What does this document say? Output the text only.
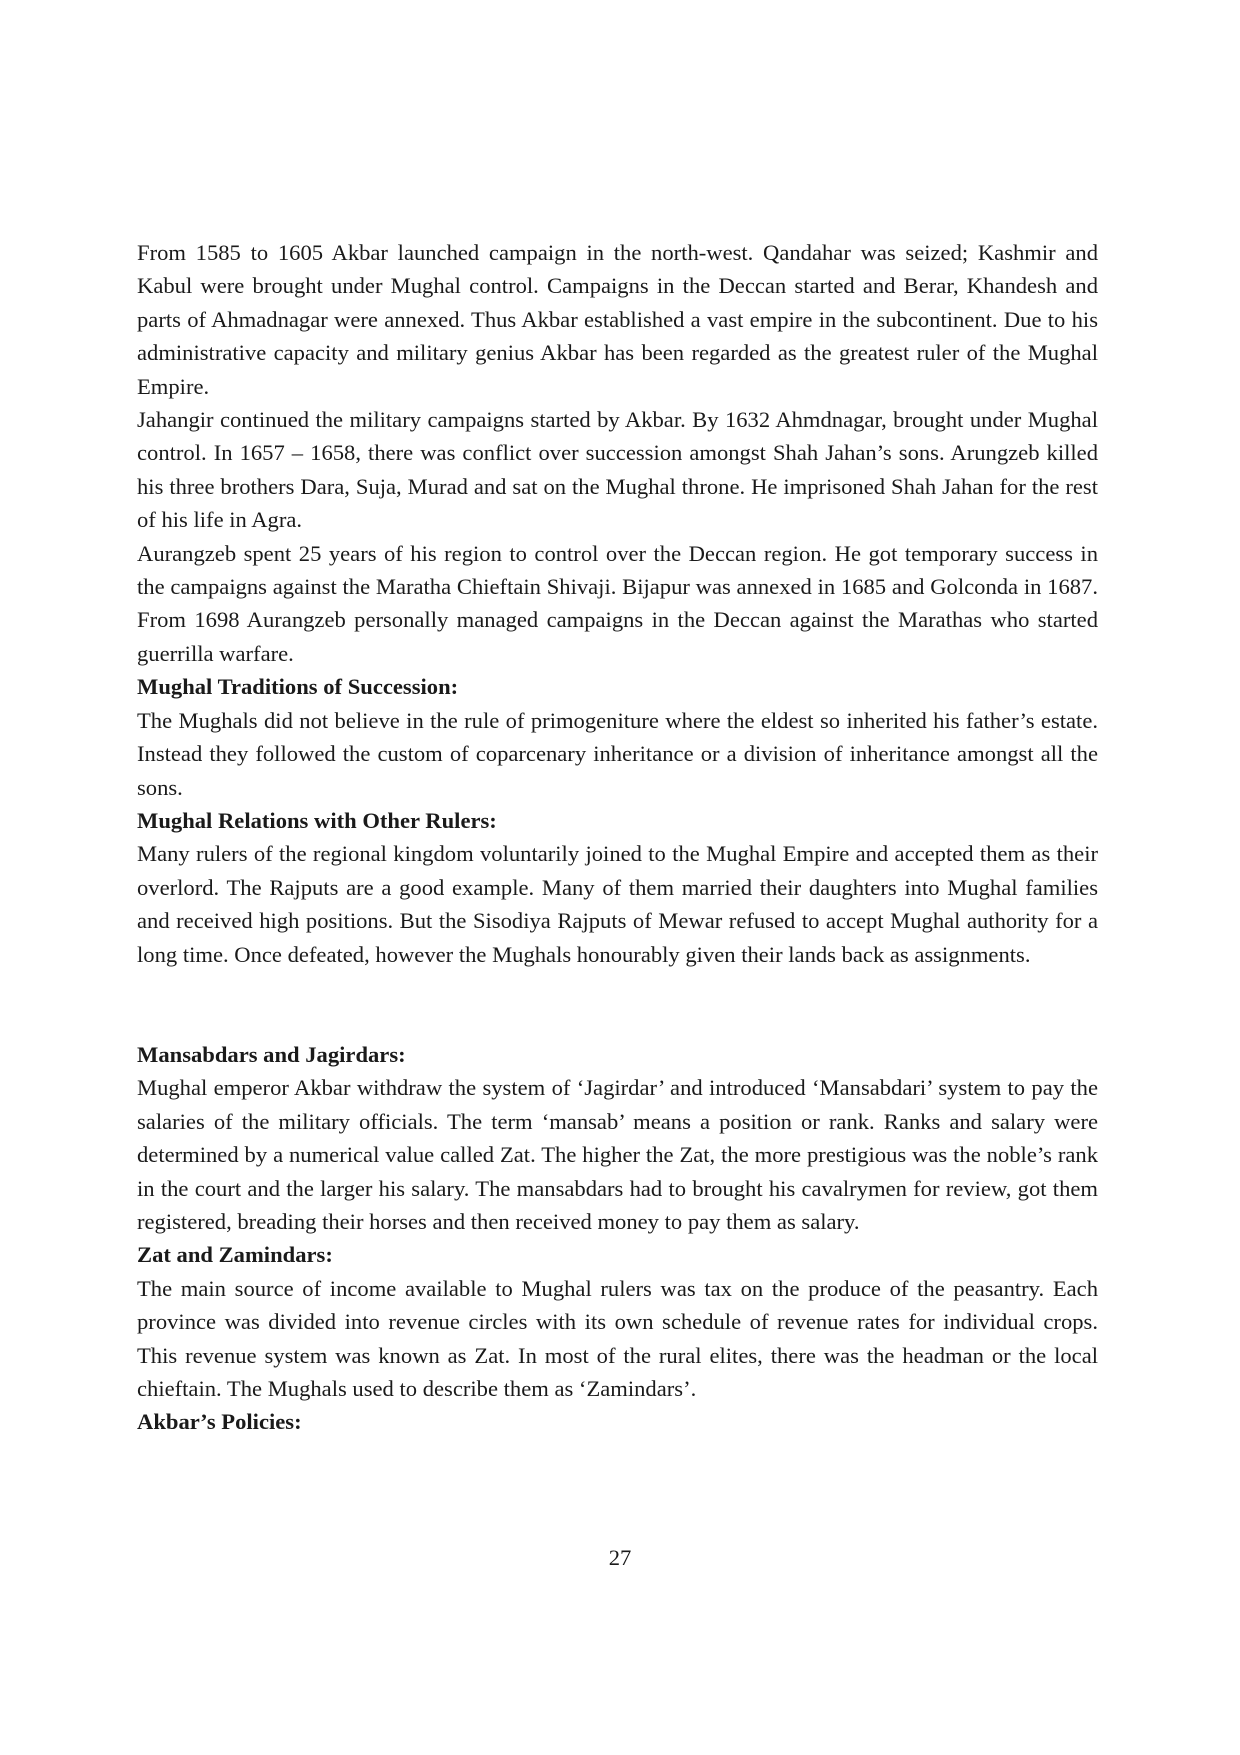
From 1585 to 1605 Akbar launched campaign in the north-west. Qandahar was seized; Kashmir and Kabul were brought under Mughal control. Campaigns in the Deccan started and Berar, Khandesh and parts of Ahmadnagar were annexed. Thus Akbar established a vast empire in the subcontinent. Due to his administrative capacity and military genius Akbar has been regarded as the greatest ruler of the Mughal Empire.

Jahangir continued the military campaigns started by Akbar. By 1632 Ahmdnagar, brought under Mughal control. In 1657 – 1658, there was conflict over succession amongst Shah Jahan’s sons. Arungzeb killed his three brothers Dara, Suja, Murad and sat on the Mughal throne. He imprisoned Shah Jahan for the rest of his life in Agra.

Aurangzeb spent 25 years of his region to control over the Deccan region. He got temporary success in the campaigns against the Maratha Chieftain Shivaji. Bijapur was annexed in 1685 and Golconda in 1687. From 1698 Aurangzeb personally managed campaigns in the Deccan against the Marathas who started guerrilla warfare.

Mughal Traditions of Succession:

The Mughals did not believe in the rule of primogeniture where the eldest so inherited his father’s estate. Instead they followed the custom of coparcenary inheritance or a division of inheritance amongst all the sons.

Mughal Relations with Other Rulers:

Many rulers of the regional kingdom voluntarily joined to the Mughal Empire and accepted them as their overlord. The Rajputs are a good example. Many of them married their daughters into Mughal families and received high positions. But the Sisodiya Rajputs of Mewar refused to accept Mughal authority for a long time. Once defeated, however the Mughals honourably given their lands back as assignments.

Mansabdars and Jagirdars:

Mughal emperor Akbar withdraw the system of ‘Jagirdar’ and introduced ‘Mansabdari’ system to pay the salaries of the military officials. The term ‘mansab’ means a position or rank. Ranks and salary were determined by a numerical value called Zat. The higher the Zat, the more prestigious was the noble’s rank in the court and the larger his salary. The mansabdars had to brought his cavalrymen for review, got them registered, breading their horses and then received money to pay them as salary.

Zat and Zamindars:

The main source of income available to Mughal rulers was tax on the produce of the peasantry. Each province was divided into revenue circles with its own schedule of revenue rates for individual crops. This revenue system was known as Zat. In most of the rural elites, there was the headman or the local chieftain. The Mughals used to describe them as ‘Zamindars’.

Akbar’s Policies:

27
